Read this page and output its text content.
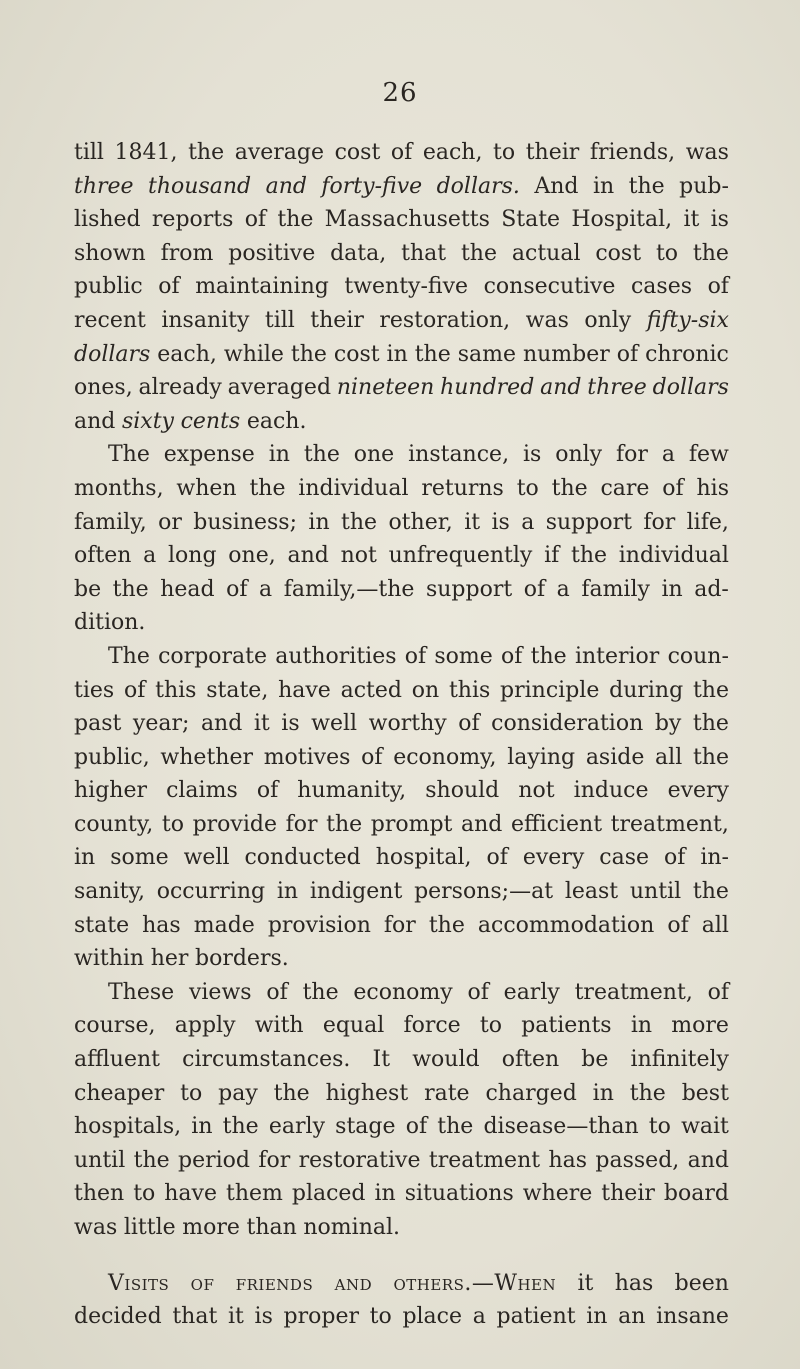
26
till 1841, the average cost of each, to their friends, was
three thousand and forty-five dollars. And in the pub-
lished reports of the Massachusetts State Hospital, it is
shown from positive data, that the actual cost to the
public of maintaining twenty-five consecutive cases of
recent insanity till their restoration, was only fifty-six
dollars each, while the cost in the same number of chronic
ones, already averaged nineteen hundred and three dollars
and sixty cents each.
The expense in the one instance, is only for a few
months, when the individual returns to the care of his
family, or business; in the other, it is a support for life,
often a long one, and not unfrequently if the individual
be the head of a family,—the support of a family in ad-
dition.
The corporate authorities of some of the interior coun-
ties of this state, have acted on this principle during the
past year; and it is well worthy of consideration by the
public, whether motives of economy, laying aside all the
higher claims of humanity, should not induce every
county, to provide for the prompt and efficient treatment,
in some well conducted hospital, of every case of in-
sanity, occurring in indigent persons;—at least until the
state has made provision for the accommodation of all
within her borders.
These views of the economy of early treatment, of
course, apply with equal force to patients in more
affluent circumstances. It would often be infinitely
cheaper to pay the highest rate charged in the best
hospitals, in the early stage of the disease—than to wait
until the period for restorative treatment has passed, and
then to have them placed in situations where their board
was little more than nominal.
Visits of friends and others.—When it has been
decided that it is proper to place a patient in an insane
